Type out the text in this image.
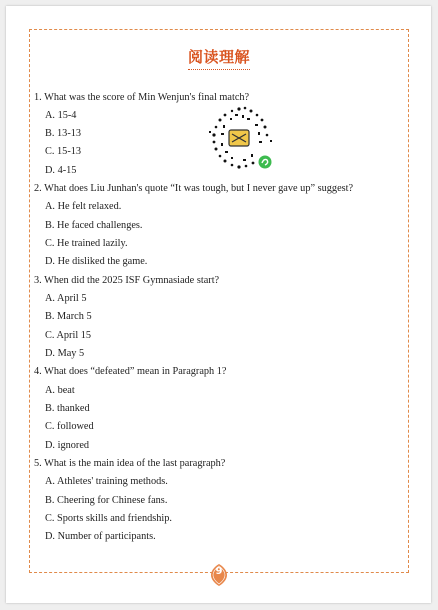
阅读理解
1. What was the score of Min Wenjun's final match?
A. 15-4
B. 13-13
C. 15-13
D. 4-15
2. What does Liu Junhan's quote “It was tough, but I never gave up” suggest?
A. He felt relaxed.
B. He faced challenges.
C. He trained lazily.
D. He disliked the game.
3. When did the 2025 ISF Gymnasiade start?
A. April 5
B. March 5
C. April 15
D. May 5
4. What does “defeated” mean in Paragraph 1?
A. beat
B. thanked
C. followed
D. ignored
5. What is the main idea of the last paragraph?
A. Athletes' training methods.
B. Cheering for Chinese fans.
C. Sports skills and friendship.
D. Number of participants.
9
